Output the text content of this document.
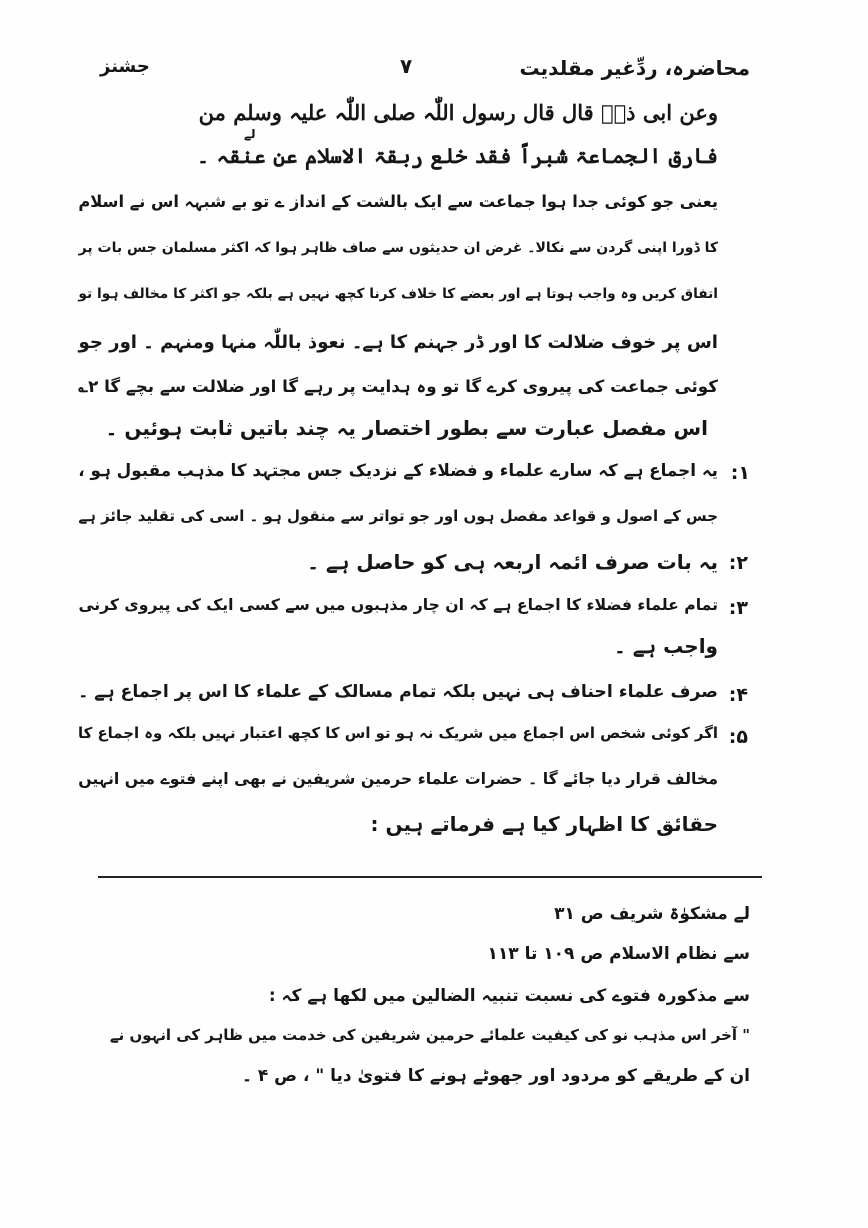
محاضرہ، ردِّغیر مقلدیت
۷
جشنز
وعن ابی ذرؓ قال قال رسول اللّٰہ صلی اللّٰہ علیہ وسلم من
فارق الجماعۃ شبراً فقد خلع ربقۃ الاسلام عن عنقہ ۔
لے
یعنی جو کوئی جدا ہوا جماعت سے ایک بالشت کے انداز ے تو بے شبہہ اس نے اسلام
کا ڈورا اپنی گردن سے نکالا۔ غرض ان حدیثوں سے صاف ظاہر ہوا کہ اکثر مسلمان جس بات پر
اتفاق کریں وہ واجب ہوتا ہے اور بعضے کا خلاف کرنا کچھ نہیں ہے بلکہ جو اکثر کا مخالف ہوا تو
اس پر خوف ضلالت کا اور ڈر جہنم کا ہے۔ نعوذ باللّٰہ منہا ومنہم ۔ اور جو
کوئی جماعت کی پیروی کرے گا تو وہ ہدایت پر رہے گا اور ضلالت سے بچے گا ۲؎
اس مفصل عبارت سے بطور اختصار یہ چند باتیں ثابت ہوئیں ۔
۱:
یہ اجماع ہے کہ سارے علماء و فضلاء کے نزدیک جس مجتہد کا مذہب مقبول ہو ،
جس کے اصول و قواعد مفصل ہوں اور جو تواتر سے منقول ہو ۔ اسی کی تقلید جائز ہے
۲:
یہ بات صرف ائمہ اربعہ ہی کو حاصل ہے ۔
۳:
تمام علماء فضلاء کا اجماع ہے کہ ان چار مذہبوں میں سے کسی ایک کی پیروی کرنی
واجب ہے ۔
۴:
صرف علماء احناف ہی نہیں بلکہ تمام مسالک کے علماء کا اس پر اجماع ہے ۔
۵:
اگر کوئی شخص اس اجماع میں شریک نہ ہو تو اس کا کچھ اعتبار نہیں بلکہ وہ اجماع کا
مخالف قرار دیا جائے گا ۔ حضرات علماء حرمین شریفین نے بھی اپنے فتوے میں انہیں
حقائق کا اظہار کیا ہے فرماتے ہیں :
لے مشکوٰۃ شریف ص ۳۱
سے نظام الاسلام ص ۱۰۹ تا ۱۱۳
سے مذکورہ فتوے کی نسبت تنبیہ الضالین میں لکھا ہے کہ :
" آخر اس مذہب نو کی کیفیت علمائے حرمین شریفین کی خدمت میں ظاہر کی انہوں نے
ان کے طریقے کو مردود اور جھوٹے ہونے کا فتویٰ دیا " ، ص ۴ ۔
